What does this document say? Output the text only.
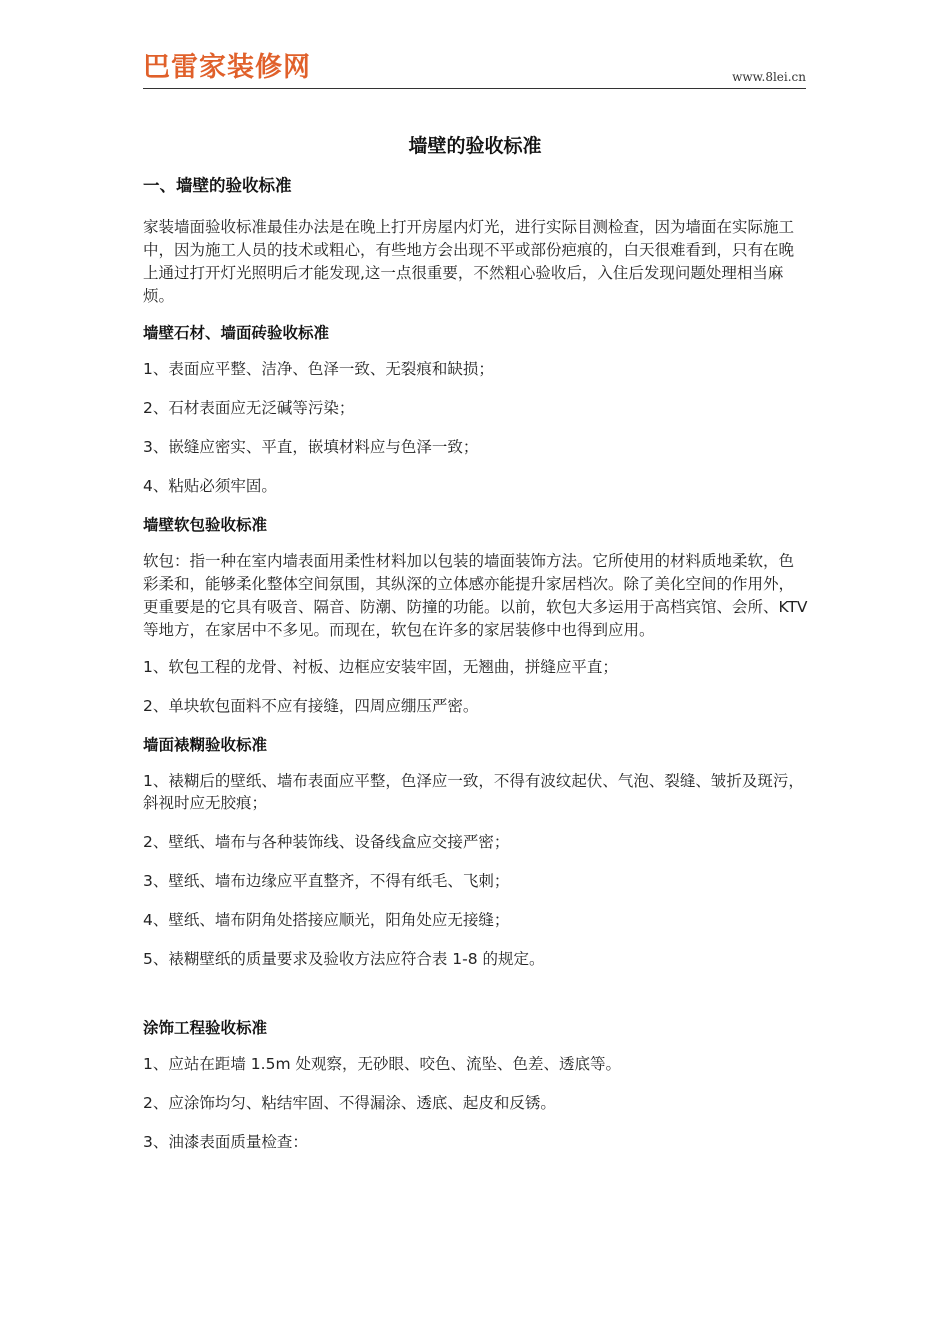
巴雷家装修网	www.8lei.cn
墙壁的验收标准
一、墙壁的验收标准
家装墙面验收标准最佳办法是在晚上打开房屋内灯光，进行实际目测检查，因为墙面在实际施工中，因为施工人员的技术或粗心，有些地方会出现不平或部份疤痕的，白天很难看到，只有在晚上通过打开灯光照明后才能发现,这一点很重要，不然粗心验收后，入住后发现问题处理相当麻烦。
墙壁石材、墙面砖验收标准
1、表面应平整、洁净、色泽一致、无裂痕和缺损；
2、石材表面应无泛碱等污染；
3、嵌缝应密实、平直，嵌填材料应与色泽一致；
4、粘贴必须牢固。
墙壁软包验收标准
软包：指一种在室内墙表面用柔性材料加以包装的墙面装饰方法。它所使用的材料质地柔软，色彩柔和，能够柔化整体空间氛围，其纵深的立体感亦能提升家居档次。除了美化空间的作用外，更重要是的它具有吸音、隔音、防潮、防撞的功能。以前，软包大多运用于高档宾馆、会所、KTV 等地方，在家居中不多见。而现在，软包在许多的家居装修中也得到应用。
1、软包工程的龙骨、衬板、边框应安装牢固，无翘曲，拼缝应平直；
2、单块软包面料不应有接缝，四周应绷压严密。
墙面裱糊验收标准
1、裱糊后的壁纸、墙布表面应平整，色泽应一致，不得有波纹起伏、气泡、裂缝、皱折及斑污，斜视时应无胶痕；
2、壁纸、墙布与各种装饰线、设备线盒应交接严密；
3、壁纸、墙布边缘应平直整齐，不得有纸毛、飞刺；
4、壁纸、墙布阴角处搭接应顺光，阳角处应无接缝；
5、裱糊壁纸的质量要求及验收方法应符合表 1-8 的规定。
涂饰工程验收标准
1、应站在距墙 1.5m 处观察，无砂眼、咬色、流坠、色差、透底等。
2、应涂饰均匀、粘结牢固、不得漏涂、透底、起皮和反锈。
3、油漆表面质量检查：
